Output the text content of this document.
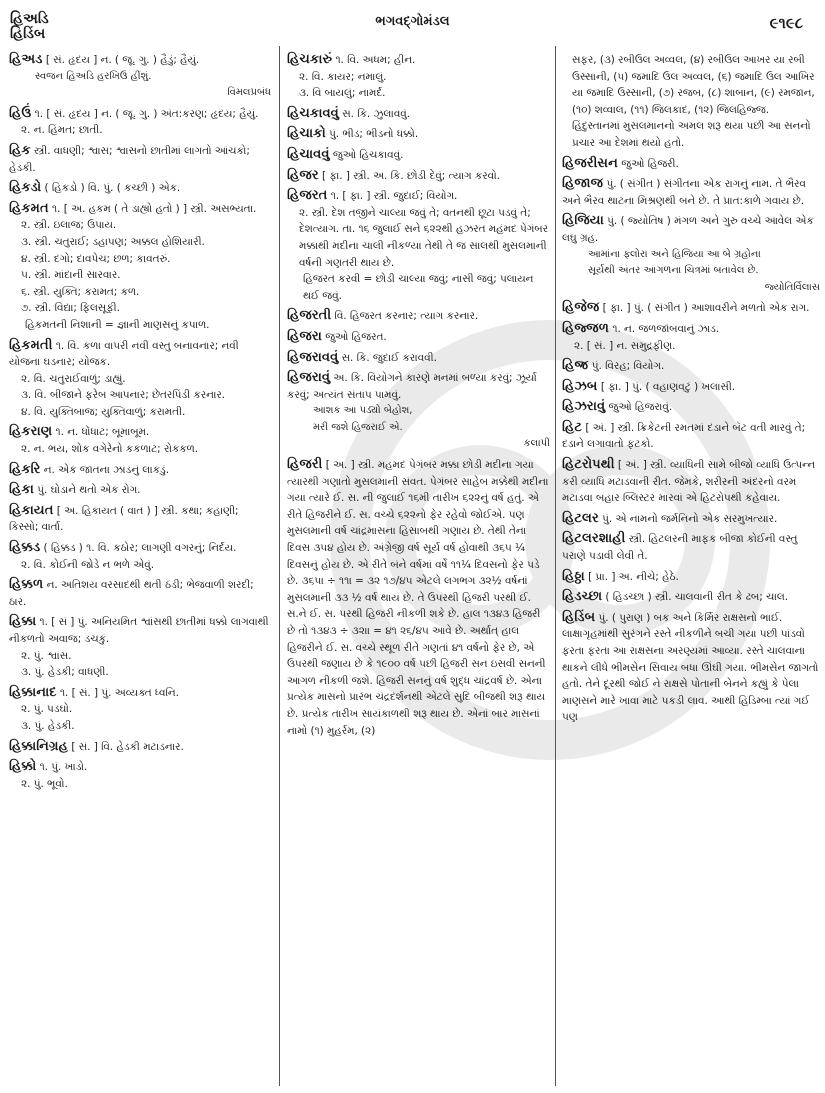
હિઅડિ
હિડિંબ
ભગવદ્ગોમંડલ	૯૧૯૮
હિઅડ [ સં. હૃદય ] ન. ( જૂ. ગુ. ) હૈડું; હૈયું.
સ્વજન હિઅડિ હરખિઉ હીંશું.
વિમલપ્રબંધ
હિઉં ૧. [ સં. હૃદય ] ન. ( જૂ. ગુ. ) અંત:કરણ; હૃદય; હૈયું.
૨. ન. હિંમત; છાતી.
હિક સ્ત્રી. વાધણી; શ્વાસ; શ્વાસનો છાતીમાં લાગતો આંચકો; હેડકી.
હિકડો ( હિકડો ) વિ. પું. ( કચ્છી ) એક.
હિકમત ૧. [ અ. હકમ ( તે ડાહ્યો હતો ) ] સ્ત્રી. અસભ્યતા.
૨. સ્ત્રી. ઇલાજ; ઉપાય.
૩. સ્ત્રી. ચતુરાઈ; ડહાપણ; અક્કલ હોશિયારી.
૪. સ્ત્રી. દગો; દાવપેચ; છળ; કાવતરું.
૫. સ્ત્રી. માંદાની સારવાર.
૬. સ્ત્રી. યુક્તિ; કરામત; કળ.
૭. સ્ત્રી. વિદ્યા; ફિલસૂફી.
હિકમતની નિશાની = જ્ઞાની માણસનું કપાળ.
હિકમતી ૧. વિ. કળા વાપરી નવી વસ્તુ બનાવનાર; નવી યોજના ઘડનાર; યોજક.
૨. વિ. ચતુરાઈવાળું; ડાહ્યું.
૩. વિ. બીજાને ફરેબ આપનાર; છેતરપિંડી કરનાર.
૪. વિ. યુક્તિબાજ; યુક્તિવાળું; કરામતી.
હિકરાણ ૧. ન. ધોંધાટ; બૂમાબૂમ.
૨. ન. ભય, શોક વગેરેનો કકળાટ; રોકકળ.
હિકરિ ન. એક જાતના ઝાડનું લાકડું.
હિકા પું. ઘોડાને થતો એક રોગ.
હિકાયત [ અ. હિકાયત ( વાત ) ] સ્ત્રી. કથા; કહાણી; કિસ્સો; વાર્તા.
હિક્કડ ( હિક્કડ ) ૧. વિ. કઠોર; લાગણી વગરનું; નિર્દય.
૨. વિ. કોઈની જોડે ન ભળે એવું.
હિક્કળ ન. અતિશય વરસાદથી થતી ઠંડી; ભેજવાળી શરદી; ઠાર.
હિક્કા ૧. [ સં ] પું. અનિયમિત શ્વાંસથી છાતીમાં ધક્કો લાગવાથી નીકળતો અવાજ; ડચકું.
૨. પું. શ્વાસ.
૩. પું. હેડકી; વાધણી.
હિક્કાનાદ ૧. [ સં. ] પું. અવ્યક્ત ધ્વનિ.
૨. પું. પડઘો.
૩. પું. હેડકી.
હિક્કાનિગ્રહ [ સં. ] વિ. હેડકી મટાડનાર.
હિક્કો ૧. પું. ખાડો.
૨. પું. ભૂવો.
હિચકારું ૧. વિ. અધમ; હીન.
૨. વિ. કાયર; નમાલું.
૩. વિ બાયલું; નામર્દ.
હિચકાવવું સ. કિ. ઝુલાવવું.
હિચાકો પું. ભીડ; ભીડનો ધક્કો.
હિચાવવું જુઓ હિચકાવવું.
હિજર [ ફા. ] સ્ત્રી. અ. કિ. છોડી દેવું; ત્યાગ કરવો.
હિજરત ૧. [ ફા. ] સ્ત્રી. જુદાઈ; વિયોગ.
૨. સ્ત્રી. દેશ તજીને ચાલ્યા જવું તે; વતનથી છૂટા પડવું તે; દેશત્યાગ. તા. ૧૬ જુલાઈ સને ૬૨૨થી હઝરત મહંમદ પેગંબર મક્કાથી મદીના ચાલી નીકળ્યા તેથી તે જ સાલથી મુસલમાની વર્ષની ગણતરી થાય છે.
હિજરત કરવી = છોડી ચાલ્યા જવું; નાસી જવું; પલાયન થઈ જવું.
હિજરતી વિ. હિજરત કરનાર; ત્યાગ કરનાર.
હિજરા જુઓ હિજરત.
હિજરાવવું સ. કિ. જુદાઈ કરાવવી.
હિજરાવું અ. કિ. વિયોગને કારણે મનમાં બળ્યા કરવું; ઝૂર્યા કરવું; અત્યંત સંતાપ પામવું.
આશક આ પડ્યો બેહોશ,
મરી જશે હિજરાઈ એ.
કલાપી
હિજરી [ અ. ] સ્ત્રી. મહમદ પેગંબર મક્કા છોડી મદીના ગયા ત્યારથી ગણાતો મુસલમાની સંવત. પેગંબર સાહેબ મક્કેથી મદીના ગયા ત્યારે ઈ. સ. ની જુલાઈ ૧૬મી તારીખ ૬૨૨નું વર્ષ હતું. એ રીતે હિજરીને ઈ. સ. વચ્ચે ૬૨૨નો ફેર રહેવો જોઈએ. પણ મુસલમાની વર્ષ ચાંદ્રમાસના હિસાબથી ગણાય છે. તેથી તેના દિવસ ૩૫૪ હોય છે. અંગ્રેજી વર્ષ સૂર્ય વર્ષ હોવાથી ૩૬૫ ¼ દિવસનું હોય છે. એ રીતે બંને વર્ષમાં વર્ષે ૧૧¼ દિવસનો ફેર પડે છે. ૩૬૫ા ÷ ૧૧ા = ૩૨ ૧૭/૪૫ એટલે લગભગ ૩૨½ વર્ષનાં મુસલમાની ૩૩ ½ વર્ષ થાય છે. તે ઉપરથી હિજરી પરથી ઈ. સ.ને ઈ. સ. પરથી હિજરી નીકળી શકે છે. હાલ ૧૩૪૩ હિજરી છે તો ૧૩૪૩ ÷ ૩૨ાા = ૪૧ ૨૬/૪૫ આવે છે. અર્થાત્ હાલ હિજરીને ઈ. સ. વચ્ચે સ્થૂળ રીતે ગણતાં ૪૧ વર્ષનો ફેર છે, એ ઉપરથી જણાય છે કે ૧૯૦૦ વર્ષ પછી હિજરી સન ઇસવી સનની આગળ નીકળી જશે. હિજરી સનનું વર્ષ શુદ્ધ ચાંદ્રવર્ષ છે. એના પ્રત્યેક માસનો પ્રારંભ ચંદ્રદર્શનથી એટલે સુદિ બીજથી શરૂ થાય છે. પ્રત્યેક તારીખ સાયંકાળથી શરૂ થાય છે. એનાં બાર માસનાં નામો (૧) મુહર્રમ, (૨)
સફર, (૩) રબીઉલ અવ્વલ, (૪) રબીઉલ આખર યા રબી ઉસ્સાની, (૫) જમાદિ ઉલ અવ્વલ, (૬) જમાદિ ઉલ આખિર યા જમાદિ ઉસ્સાની, (૭) રજબ, (૮) શાબાન, (૯) રમજાન, (૧૦) શવ્વાલ, (૧૧) જિલકાદ, (૧૨) જિલહિજ્જ. હિંદુસ્તાનમાં મુસલમાનનો અમલ શરૂ થયા પછી આ સનનો પ્રચાર આ દેશમાં થયો હતો.
હિજરીસન જુઓ હિજરી.
હિજાજ પું. ( સંગીત ) સંગીતના એક રાગનું નામ. તે ભૈરવ અને ભૈરવ થાટના મિશ્રણથી બને છે. તે પ્રાત:કાળે ગવાય છે.
હિજિયા પું. ( જ્યોતિષ ) મંગળ અને ગુરુ વચ્ચે આવેલ એક લઘુ ગ્રહ.
આમાંના ફ્લોરા અને હિજિયા આ બે ગ્રહોના
સૂર્યથી અંતર આગળના ચિત્રમાં બતાવેલ છે.
જ્યોતિર્વિલાસ
હિજેજ [ ફા. ] પું. ( સંગીત ) આશાવરીને મળતો એક રાગ.
હિજ્જળ ૧. ન. જળજાંબવાનું ઝાડ.
૨. [ સં. ] ન. સમુદ્રફીણ.
હિજ્ર પું. વિરહ; વિયોગ.
હિઝબ [ ફા. ] પું. ( વહાણવટું ) ખલાસી.
હિઝરાવું જુઓ હિજરાવું.
હિટ [ અં. ] સ્ત્રી. ક્રિકેટની રમતમાં દડાને બૅટ વતી મારવું તે; દડાને લગાવાતો ફટકો.
હિટરોપથી [ અં. ] સ્ત્રી. વ્યાધિની સામે બીજો વ્યાધિ ઉત્પન્ન કરી વ્યાધિ મટાડવાની રીત. જેમકે, શરીરની અંદરનો વરમ મટાડવા બહાર બ્લિસ્ટર મારવાં એ હિટરોપથી કહેવાય.
હિટલર પું. એ નામનો જર્મનિનો એક સરમુખત્યાર.
હિટલરશાહી સ્ત્રી. હિટલરની માફક બીજા કોઈની વસ્તુ પરાણે પડાવી લેવી તે.
હિઠ્ઠા [ પ્રા. ] અ. નીચે; હેઠે.
હિડચ્છા ( હિડચ્છા ) સ્ત્રી. ચાલવાની રીત કે ઢબ; ચાલ.
હિડિંબ પું. ( પુરાણ ) બક અને કિર્મિર રાક્ષસનો ભાઈ. લાક્ષાગૃહમાંથી સુરંગને રસ્તે નીકળીને બચી ગયા પછી પાંડવો ફરતા ફરતા આ રાક્ષસના અરણ્યમાં આવ્યા. રસ્તે ચાલવાના થાકને લીધે ભીમસેન સિવાય બધા ઊંઘી ગયા. ભીમસેન જાગતો હતો. તેને દૂરથી જોઈ ને રાક્ષસે પોતાની બેનને કહ્યું કે પેલા માણસને મારે ખાવા માટે પકડી લાવ. આથી હિડિમ્બા ત્યાં ગઈ પણ
